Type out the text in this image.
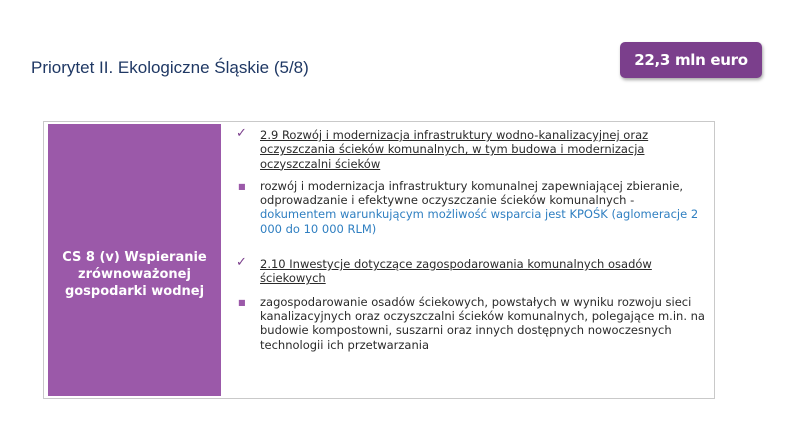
Priorytet II. Ekologiczne Śląskie (5/8)	22,3 mln euro
CS 8 (v) Wspieranie zrównoważonej gospodarki wodnej
✓ 2.9 Rozwój i modernizacja infrastruktury wodno-kanalizacyjnej oraz oczyszczania ścieków komunalnych, w tym budowa i modernizacja oczyszczalni ścieków
■ rozwój i modernizacja infrastruktury komunalnej zapewniającej zbieranie, odprowadzanie i efektywne oczyszczanie ścieków komunalnych - dokumentem warunkującym możliwość wsparcia jest KPOŚK (aglomeracje 2 000 do 10 000 RLM)
✓ 2.10 Inwestycje dotyczące zagospodarowania komunalnych osadów ściekowych
■ zagospodarowanie osadów ściekowych, powstałych w wyniku rozwoju sieci kanalizacyjnych oraz oczyszczalni ścieków komunalnych, polegające m.in. na budowie kompostowni, suszarni oraz innych dostępnych nowoczesnych technologii ich przetwarzania
